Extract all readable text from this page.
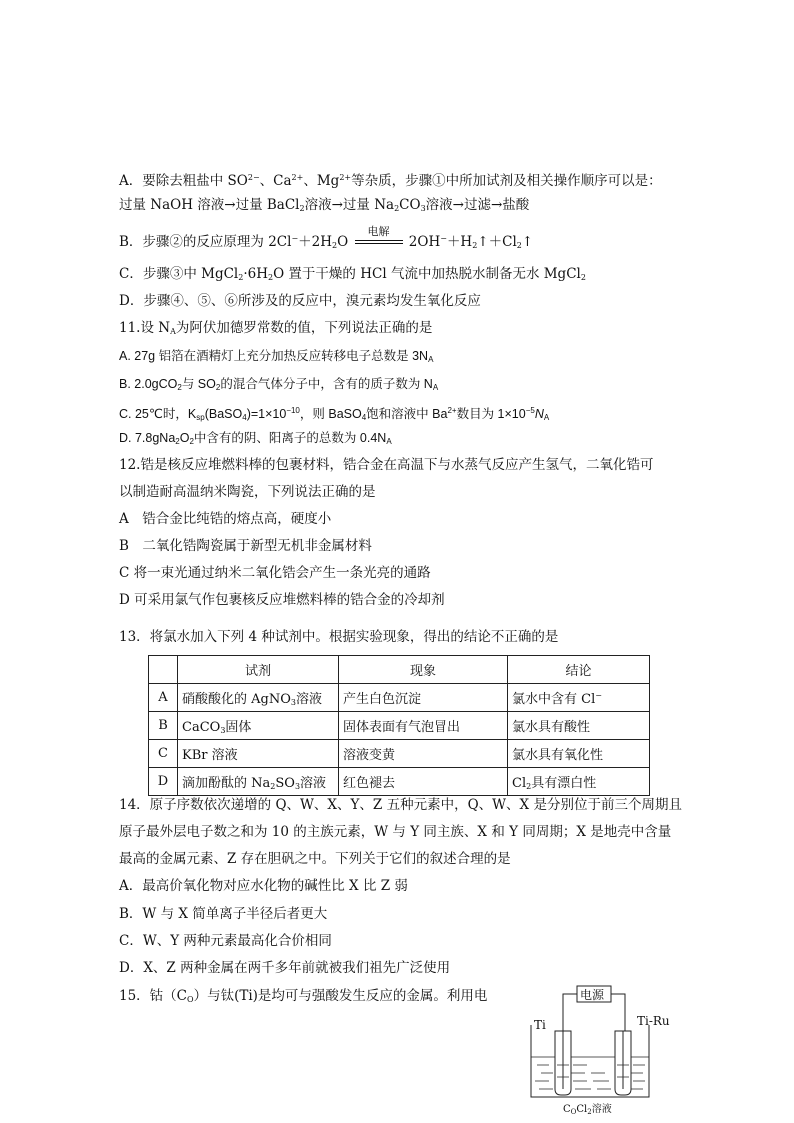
A．要除去粗盐中 $SO^{2-}$、$Ca^{2+}$、$Mg^{2+}$等杂质，步骤①中所加试剂及相关操作顺序可以是：
过量 NaOH 溶液→过量 BaCl$_2$溶液→过量 $Na_2CO_3$溶液→过滤→盐酸
B．步骤②的反应原理为 $2Cl^-+2H_2O$
电解
$2OH^-+H_2↑+Cl_2↑$
C．步骤③中 $MgCl_2\cdot 6H_2O$ 置于干燥的 HCl 气流中加热脱水制备无水 MgCl$_2$
D．步骤④、⑤、⑥所涉及的反应中，溴元素均发生氧化反应
11.设 $N_A$为阿伏加德罗常数的值，下列说法正确的是
A. 27g 铝箔在酒精灯上充分加热反应转移电子总数是 $3N_A$
B. 2.0gCO$_2$与 $SO_2$的混合气体分子中，含有的质子数为 $N_A$
C. 25℃时，$K_{sp}(BaSO_4)=1\times 10^{-10}$，则 BaSO$_4$饱和溶液中 $Ba^{2+}$数目为 $1\times 10^{-5}N_A$
D. $7.8gNa_2O_2$中含有的阴、阳离子的总数为 $0.4N_A$
12.锆是核反应堆燃料棒的包裹材料，锆合金在高温下与水蒸气反应产生氢气，二氧化锆可
以制造耐高温纳米陶瓷，下列说法正确的是
A　锆合金比纯锆的熔点高，硬度小
B　二氧化锆陶瓷属于新型无机非金属材料
C 将一束光通过纳米二氧化锆会产生一条光亮的通路
D 可采用氯气作包裹核反应堆燃料棒的锆合金的冷却剂
13．将氯水加入下列 4 种试剂中。根据实验现象，得出的结论不正确的是
	试剂	现象	结论
A	硝酸酸化的 AgNO$_3$溶液	产生白色沉淀	氯水中含有 Cl−
B	CaCO$_3$固体	固体表面有气泡冒出	氯水具有酸性
C	KBr 溶液	溶液变黄	氯水具有氧化性
D	滴加酚酞的 $Na_2SO_3$溶液	红色褪去	$Cl_2$具有漂白性
14．原子序数依次递增的 Q、W、X、Y、Z 五种元素中，Q、W、X 是分别位于前三个周期且
原子最外层电子数之和为 10 的主族元素，W 与 Y 同主族、X 和 Y 同周期；X 是地壳中含量
最高的金属元素、Z 存在胆矾之中。下列关于它们的叙述合理的是
A．最高价氧化物对应水化物的碱性比 X 比 Z 弱
B．W 与 X 简单离子半径后者更大
C．W、Y 两种元素最高化合价相同
D．X、Z 两种金属在两千多年前就被我们祖先广泛使用
15．钴$(C_O)$与钛(Ti)是均可与强酸发生反应的金属。利用电	电源
Ti	Ti-Ru
$C_OCl_2$溶液
